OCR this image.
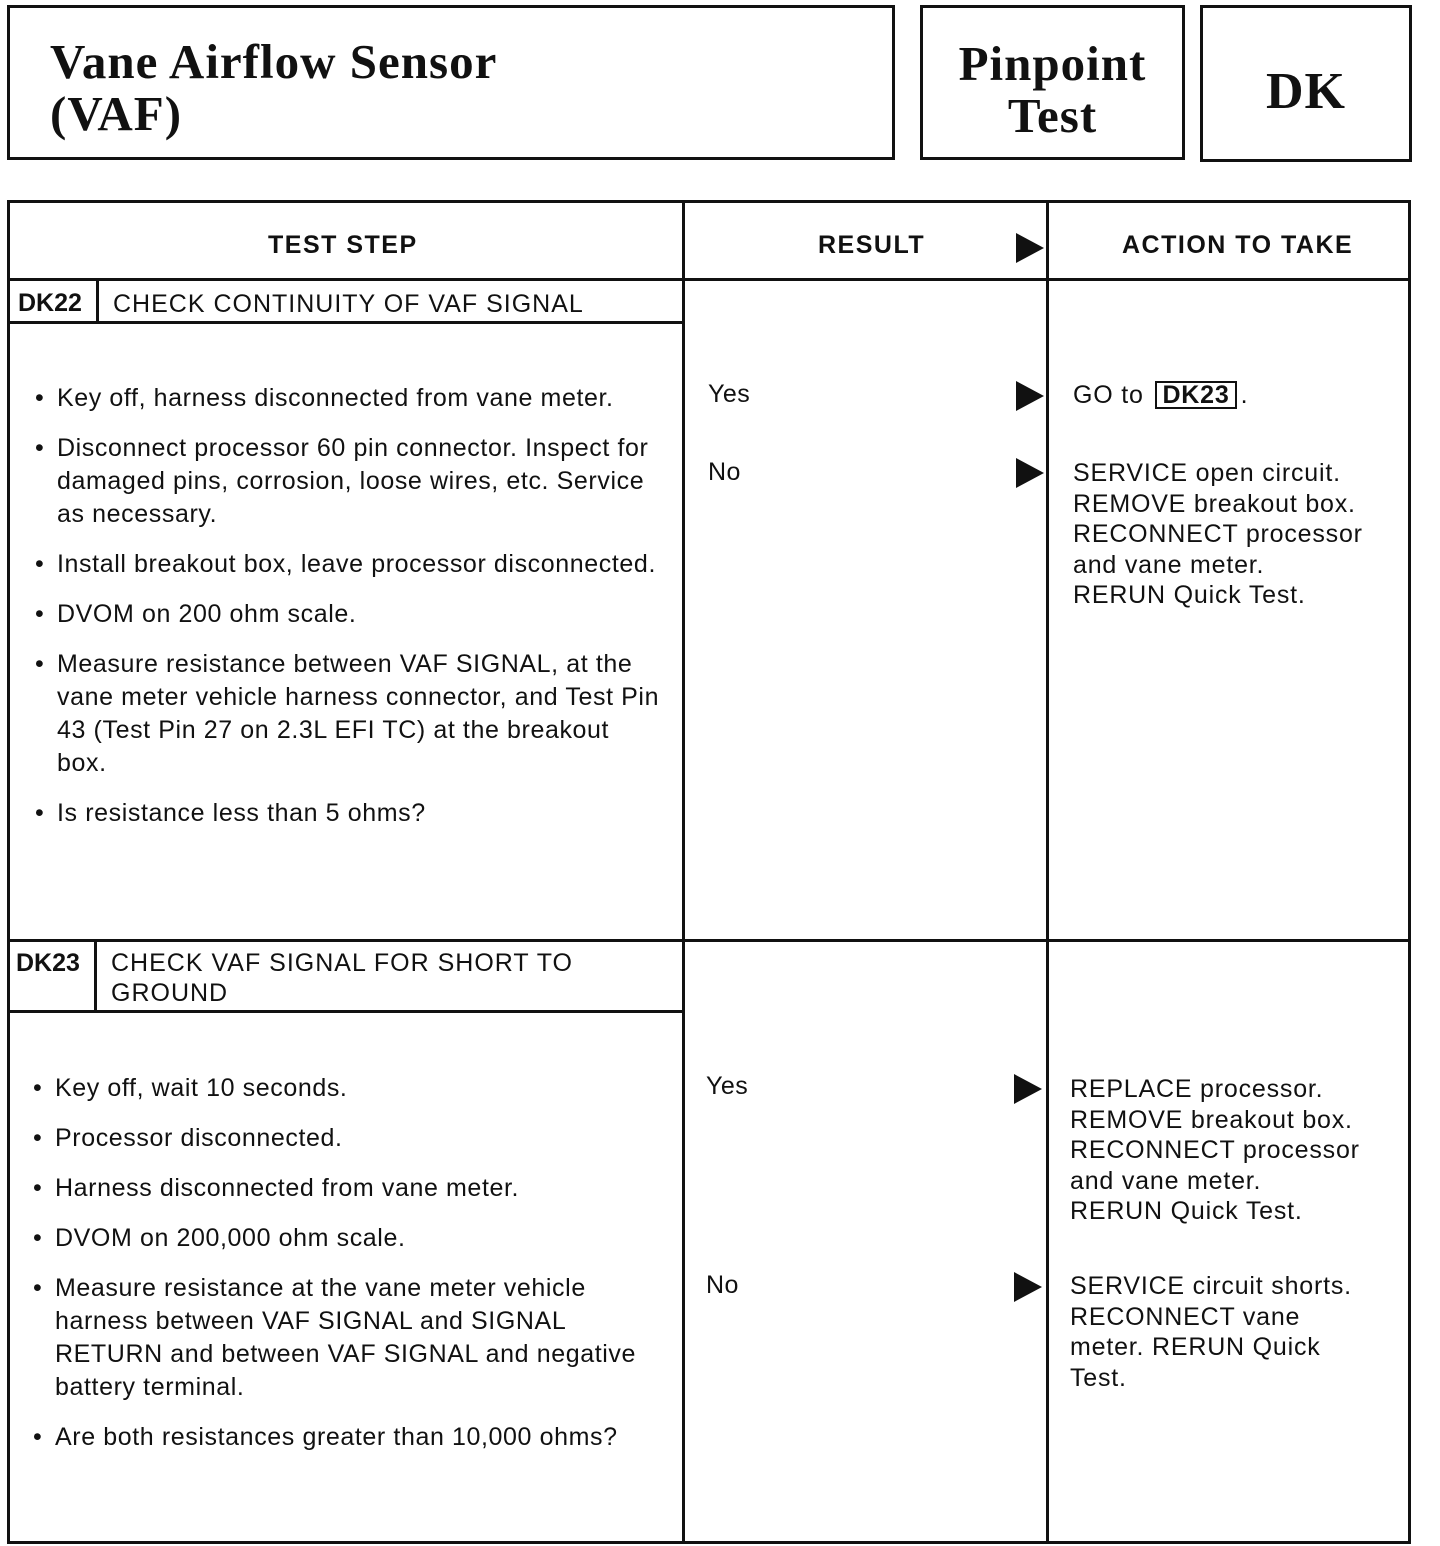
Vane Airflow Sensor
(VAF)
Pinpoint
Test	DK
TEST STEP	RESULT	ACTION TO TAKE
DK22 CHECK CONTINUITY OF VAF SIGNAL
• Key off, harness disconnected from vane meter.
• Disconnect processor 60 pin connector. Inspect for damaged pins, corrosion, loose wires, etc. Service as necessary.
• Install breakout box, leave processor disconnected.
• DVOM on 200 ohm scale.
• Measure resistance between VAF SIGNAL, at the vane meter vehicle harness connector, and Test Pin 43 (Test Pin 27 on 2.3L EFI TC) at the breakout box.
• Is resistance less than 5 ohms?
Yes	GO to DK23 .
No	SERVICE open circuit.
REMOVE breakout box.
RECONNECT processor
and vane meter.
RERUN Quick Test.
DK23 CHECK VAF SIGNAL FOR SHORT TO
GROUND
• Key off, wait 10 seconds.
• Processor disconnected.
• Harness disconnected from vane meter.
• DVOM on 200,000 ohm scale.
• Measure resistance at the vane meter vehicle harness between VAF SIGNAL and SIGNAL RETURN and between VAF SIGNAL and negative battery terminal.
• Are both resistances greater than 10,000 ohms?
Yes	REPLACE processor.
REMOVE breakout box.
RECONNECT processor
and vane meter.
RERUN Quick Test.
No	SERVICE circuit shorts.
RECONNECT vane
meter. RERUN Quick
Test.
